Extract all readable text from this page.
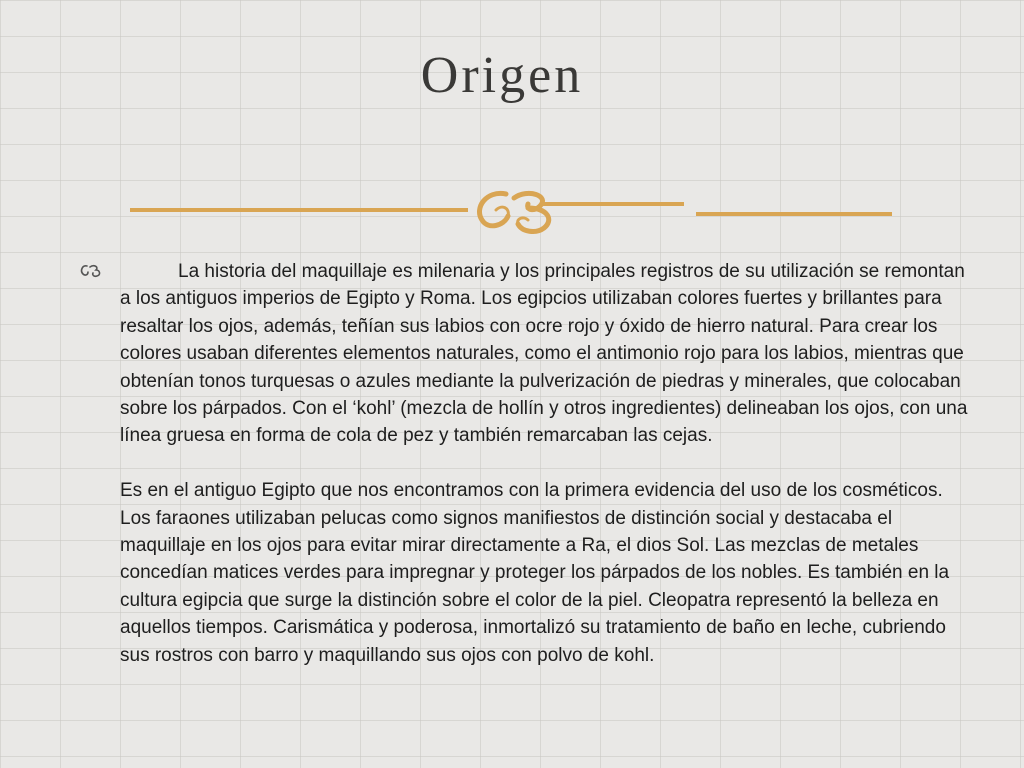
Origen

La historia del maquillaje es milenaria y los principales registros de su utilización se remontan a los antiguos imperios de Egipto y Roma. Los egipcios utilizaban colores fuertes y brillantes para resaltar los ojos, además, teñían sus labios con ocre rojo y óxido de hierro natural. Para crear los colores usaban diferentes elementos naturales, como el antimonio rojo para los labios, mientras que obtenían tonos turquesas o azules mediante la pulverización de piedras y minerales, que colocaban sobre los párpados. Con el ‘kohl’ (mezcla de hollín y otros ingredientes) delineaban los ojos, con una línea gruesa en forma de cola de pez y también remarcaban las cejas.

Es en el antiguo Egipto que nos encontramos con la primera evidencia del uso de los cosméticos. Los faraones utilizaban pelucas como signos manifiestos de distinción social y destacaba el maquillaje en los ojos para evitar mirar directamente a Ra, el dios Sol. Las mezclas de metales concedían matices verdes para impregnar y proteger los párpados de los nobles. Es también en la cultura egipcia que surge la distinción sobre el color de la piel. Cleopatra representó la belleza en aquellos tiempos. Carismática y poderosa, inmortalizó su tratamiento de baño en leche, cubriendo sus rostros con barro y maquillando sus ojos con polvo de kohl.
